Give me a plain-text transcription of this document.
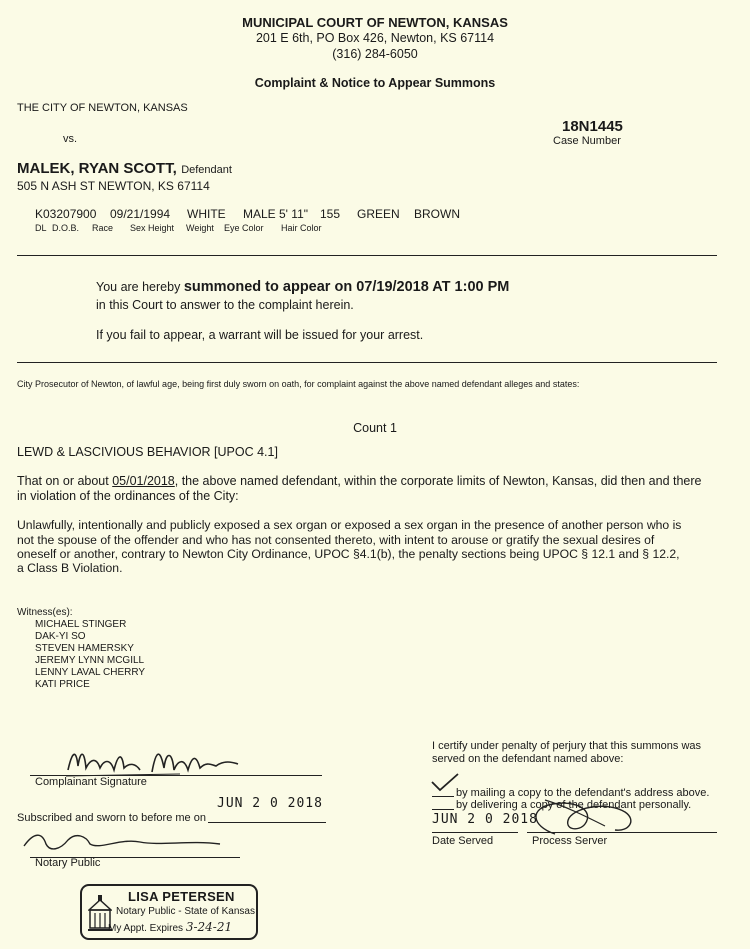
MUNICIPAL COURT OF NEWTON, KANSAS
201 E 6th, PO Box 426, Newton, KS 67114
(316) 284-6050
Complaint & Notice to Appear Summons
THE CITY OF NEWTON, KANSAS
vs.
18N1445
Case Number
MALEK, RYAN SCOTT, Defendant
505 N ASH ST NEWTON, KS 67114
K03207900 09/21/1994 WHITE MALE 5' 11" 155 GREEN BROWN
DL D.O.B. Race Sex Height Weight Eye Color Hair Color
You are hereby summoned to appear on 07/19/2018 AT 1:00 PM
in this Court to answer to the complaint herein.
If you fail to appear, a warrant will be issued for your arrest.
City Prosecutor of Newton, of lawful age, being first duly sworn on oath, for complaint against the above named defendant alleges and states:
Count 1
LEWD & LASCIVIOUS BEHAVIOR [UPOC 4.1]
That on or about 05/01/2018, the above named defendant, within the corporate limits of Newton, Kansas, did then and there
in violation of the ordinances of the City:
Unlawfully, intentionally and publicly exposed a sex organ or exposed a sex organ in the presence of another person who is
not the spouse of the offender and who has not consented thereto, with intent to arouse or gratify the sexual desires of
oneself or another, contrary to Newton City Ordinance, UPOC §4.1(b), the penalty sections being UPOC § 12.1 and § 12.2,
a Class B Violation.
Witness(es):
MICHAEL STINGER
DAK-YI SO
STEVEN HAMERSKY
JEREMY LYNN MCGILL
LENNY LAVAL CHERRY
KATI PRICE
Complainant Signature
JUN 2 0 2018
Subscribed and sworn to before me on
Notary Public
LISA PETERSEN
Notary Public - State of Kansas
My Appt. Expires 3-24-21
I certify under penalty of perjury that this summons was
served on the defendant named above:
by mailing a copy to the defendant's address above.
by delivering a copy of the defendant personally.
JUN 2 0 2018
Date Served	Process Server
